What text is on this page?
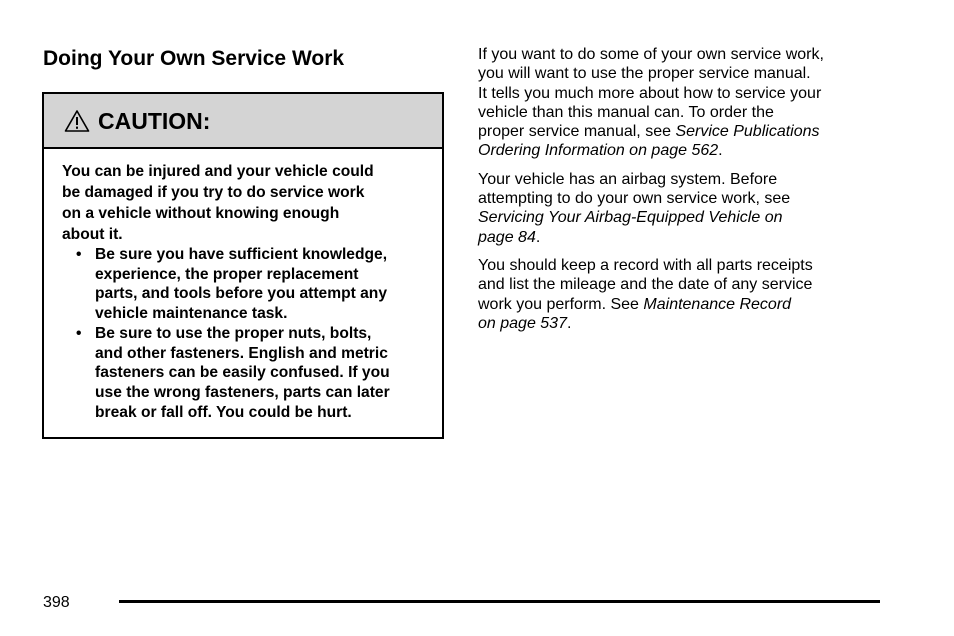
Doing Your Own Service Work
CAUTION:

You can be injured and your vehicle could
be damaged if you try to do service work
on a vehicle without knowing enough
about it.

• Be sure you have sufficient knowledge,
experience, the proper replacement
parts, and tools before you attempt any
vehicle maintenance task.
• Be sure to use the proper nuts, bolts,
and other fasteners. English and metric
fasteners can be easily confused. If you
use the wrong fasteners, parts can later
break or fall off. You could be hurt.

If you want to do some of your own service work,
you will want to use the proper service manual.
It tells you much more about how to service your
vehicle than this manual can. To order the
proper service manual, see Service Publications
Ordering Information on page 562.

Your vehicle has an airbag system. Before
attempting to do your own service work, see
Servicing Your Airbag-Equipped Vehicle on
page 84.

You should keep a record with all parts receipts
and list the mileage and the date of any service
work you perform. See Maintenance Record
on page 537.

398
